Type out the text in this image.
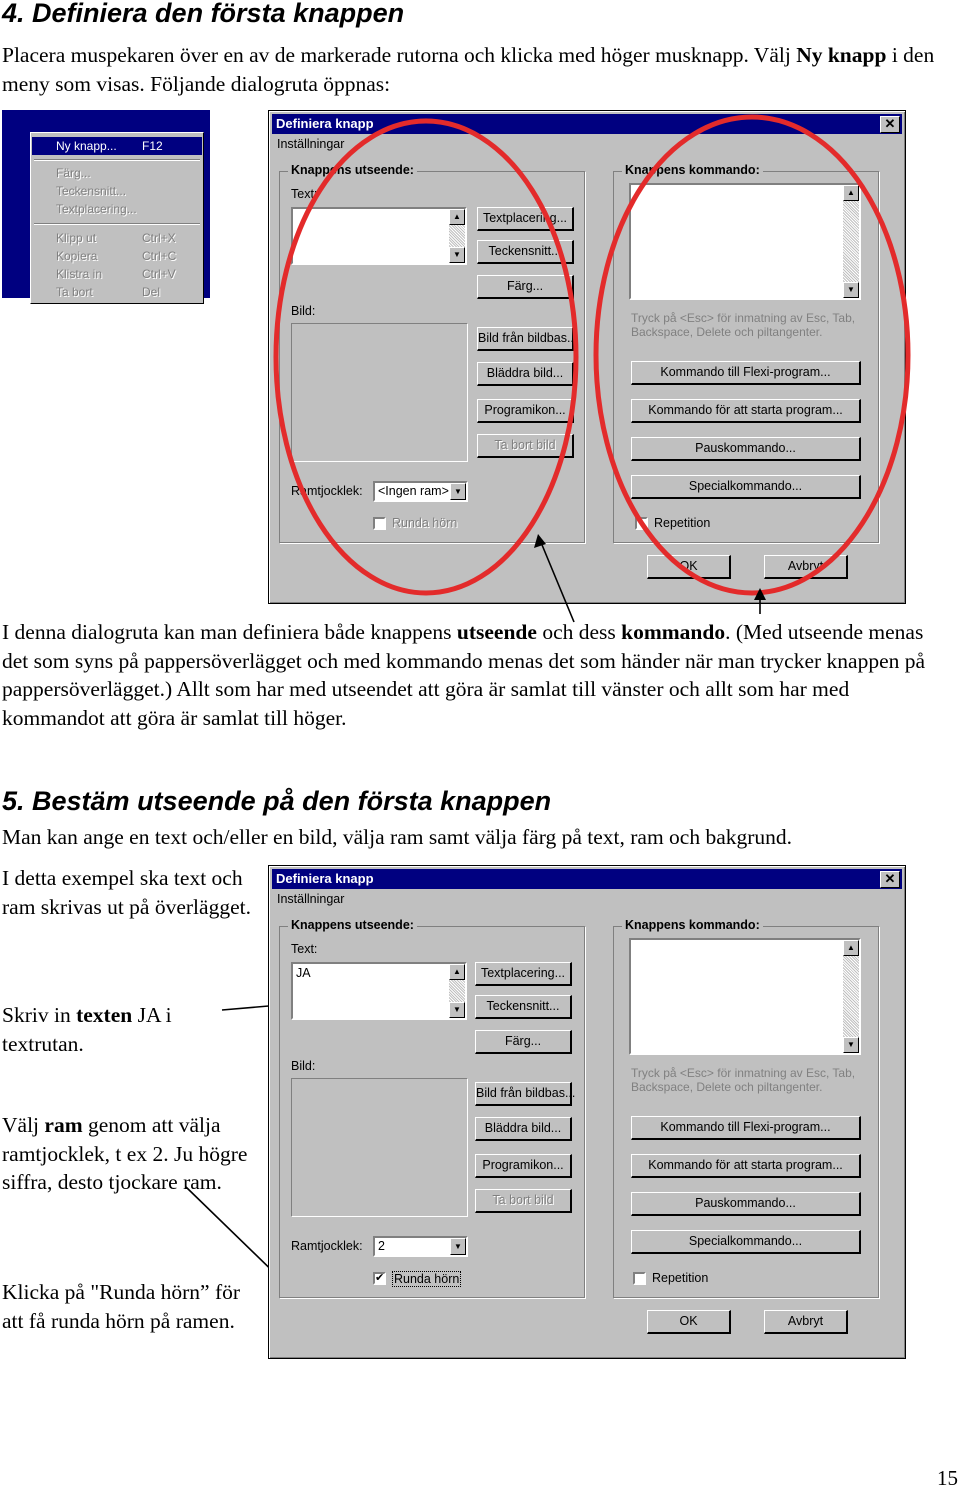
4. Definiera den första knappen
Placera muspekaren över en av de markerade rutorna och klicka med höger musknapp. Välj Ny knapp i den meny som visas. Följande dialogruta öppnas:
Ny knapp... F12
Färg...
Teckensnitt...
Textplacering...
Klipp ut	Ctrl+X
Kopiera	Ctrl+C
Klistra in	Ctrl+V
Ta bort	Del
Definiera knapp	✕
Inställningar
Knappens utseende:
Text:
▲
▼
Bild:
Textplacering...
Teckensnitt...
Färg...
Bild från bildbas...
Bläddra bild...
Programikon...
Ta bort bild
Ramtjocklek:	<Ingen ram> ▼
Runda hörn
Knappens kommando:
▲
▼
Tryck på <Esc> för inmatning av Esc, Tab, Backspace, Delete och piltangenter.
Kommando till Flexi-program...
Kommando för att starta program...
Pauskommando...
Specialkommando...
Repetition
OK	Avbryt
I denna dialogruta kan man definiera både knappens utseende och dess kommando. (Med utseende menas det som syns på pappersöverlägget och med kommando menas det som händer när man trycker knappen på pappersöverlägget.) Allt som har med utseendet att göra är samlat till vänster och allt som har med kommandot att göra är samlat till höger.
5. Bestäm utseende på den första knappen
Man kan ange en text och/eller en bild, välja ram samt välja färg på text, ram och bakgrund.
I detta exempel ska text och ram skrivas ut på överlägget.
Skriv in texten JA i textrutan.
Välj ram genom att välja ramtjocklek, t ex 2. Ju högre siffra, desto tjockare ram.
Klicka på "Runda hörn” för att få runda hörn på ramen.
Definiera knapp	✕
Inställningar
Knappens utseende:
Text:
JA	▲
▼
Bild:
Textplacering...
Teckensnitt...
Färg...
Bild från bildbas...
Bläddra bild...
Programikon...
Ta bort bild
Ramtjocklek:	2	▼
✔ Runda hörn
Knappens kommando:
▲
▼
Tryck på <Esc> för inmatning av Esc, Tab, Backspace, Delete och piltangenter.
Kommando till Flexi-program...
Kommando för att starta program...
Pauskommando...
Specialkommando...
Repetition
OK	Avbryt
15
